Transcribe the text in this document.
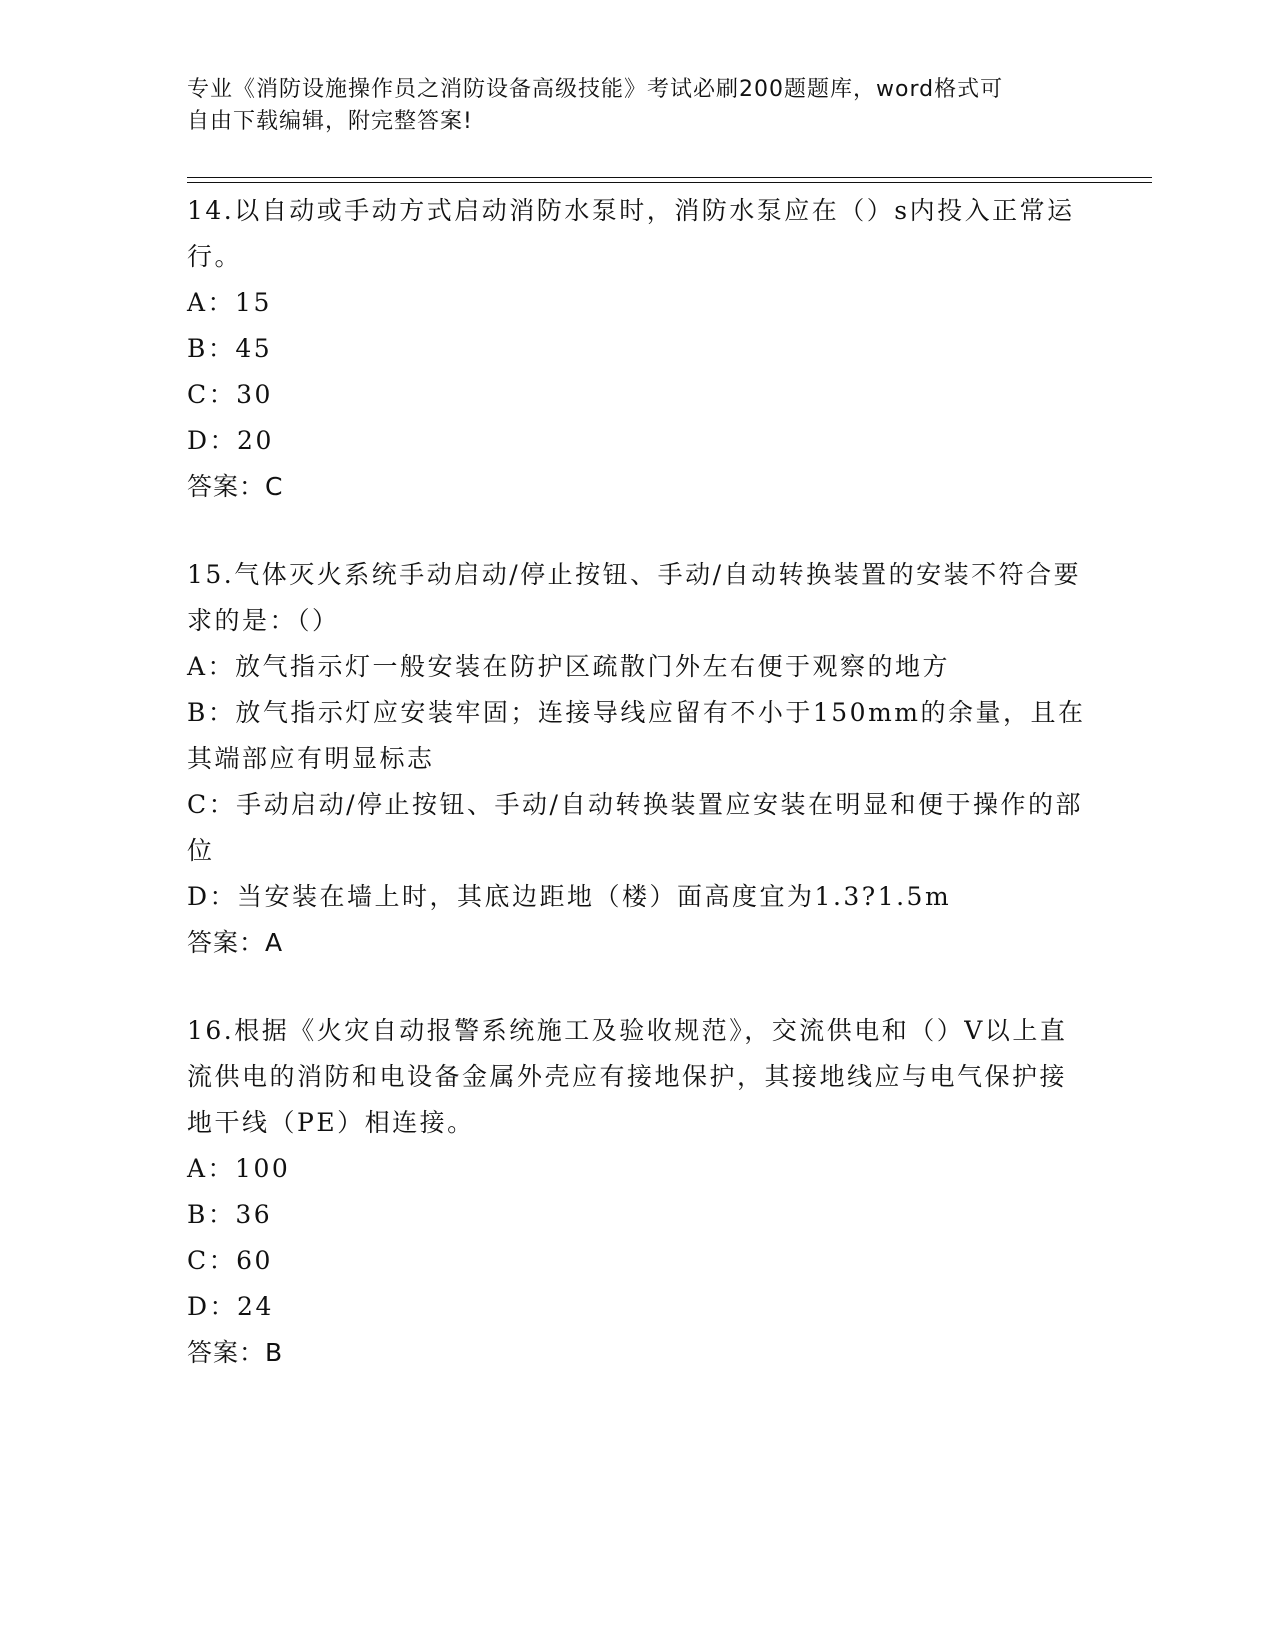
专业《消防设施操作员之消防设备高级技能》考试必刷200题题库，word格式可
自由下载编辑，附完整答案!
14.以自动或手动方式启动消防水泵时，消防水泵应在（）s内投入正常运行。
A：15
B：45
C：30
D：20
答案：C
15.气体灭火系统手动启动/停止按钮、手动/自动转换装置的安装不符合要求的是：（）
A：放气指示灯一般安装在防护区疏散门外左右便于观察的地方
B：放气指示灯应安装牢固；连接导线应留有不小于150mm的余量，且在其端部应有明显标志
C：手动启动/停止按钮、手动/自动转换装置应安装在明显和便于操作的部位
D：当安装在墙上时，其底边距地（楼）面高度宜为1.3?1.5m
答案：A
16.根据《火灾自动报警系统施工及验收规范》，交流供电和（）V以上直流供电的消防和电设备金属外壳应有接地保护，其接地线应与电气保护接地干线（PE）相连接。
A：100
B：36
C：60
D：24
答案：B
